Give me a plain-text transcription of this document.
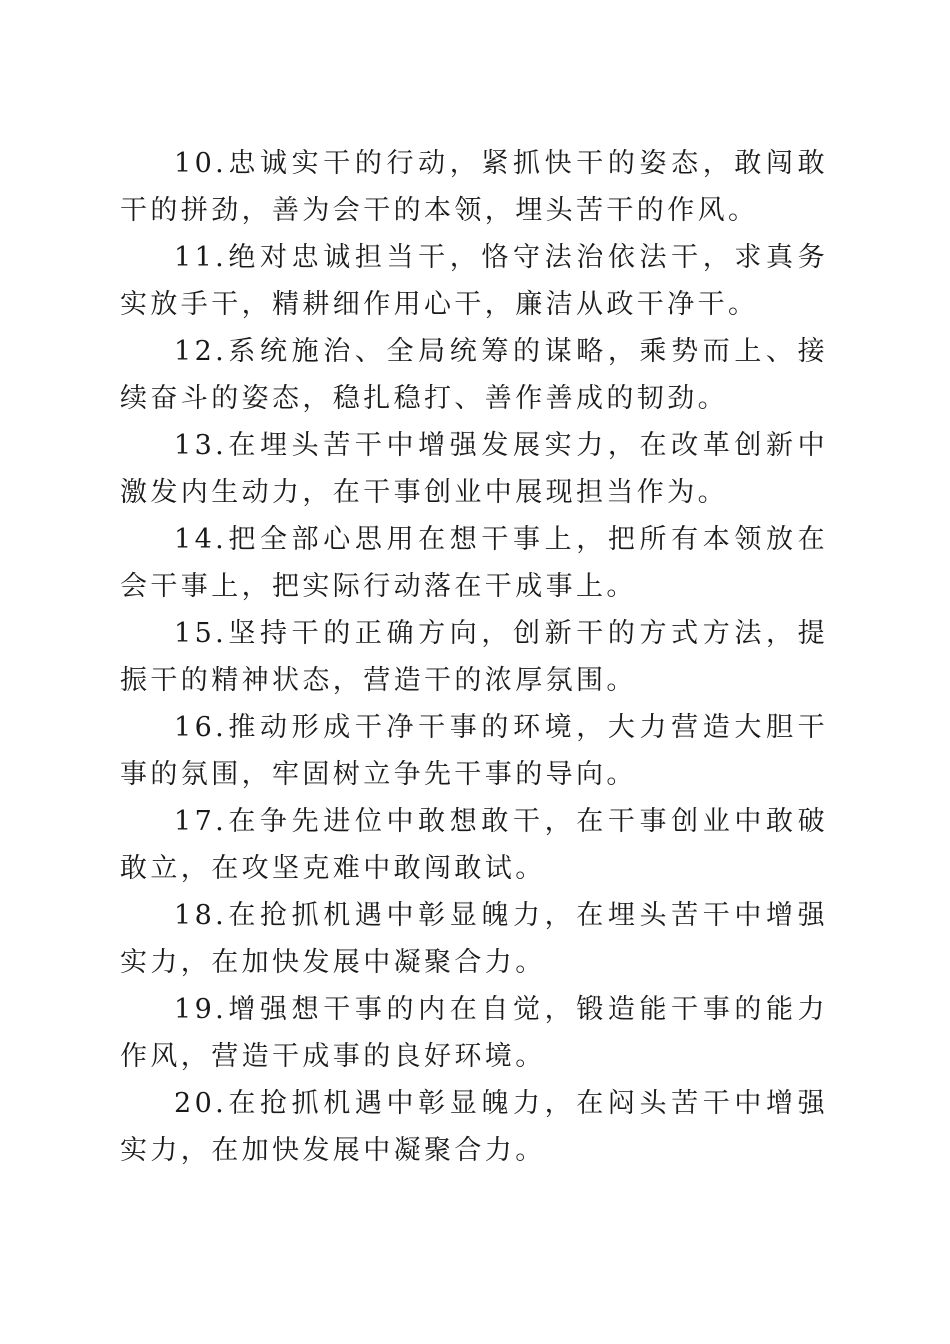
10.忠诚实干的行动，紧抓快干的姿态，敢闯敢干的拼劲，善为会干的本领，埋头苦干的作风。

11.绝对忠诚担当干，恪守法治依法干，求真务实放手干，精耕细作用心干，廉洁从政干净干。

12.系统施治、全局统筹的谋略，乘势而上、接续奋斗的姿态，稳扎稳打、善作善成的韧劲。

13.在埋头苦干中增强发展实力，在改革创新中激发内生动力，在干事创业中展现担当作为。

14.把全部心思用在想干事上，把所有本领放在会干事上，把实际行动落在干成事上。

15.坚持干的正确方向，创新干的方式方法，提振干的精神状态，营造干的浓厚氛围。

16.推动形成干净干事的环境，大力营造大胆干事的氛围，牢固树立争先干事的导向。

17.在争先进位中敢想敢干，在干事创业中敢破敢立，在攻坚克难中敢闯敢试。

18.在抢抓机遇中彰显魄力，在埋头苦干中增强实力，在加快发展中凝聚合力。

19.增强想干事的内在自觉，锻造能干事的能力作风，营造干成事的良好环境。

20.在抢抓机遇中彰显魄力，在闷头苦干中增强实力，在加快发展中凝聚合力。
